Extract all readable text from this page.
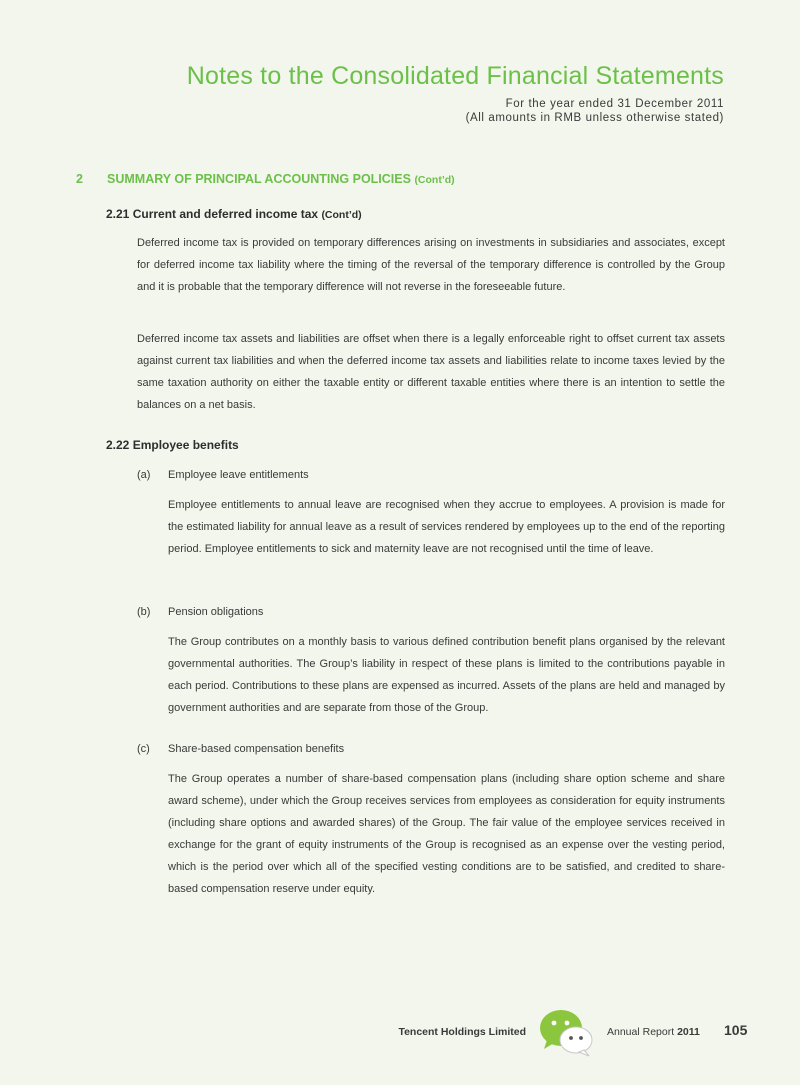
Notes to the Consolidated Financial Statements
For the year ended 31 December 2011
(All amounts in RMB unless otherwise stated)
2 SUMMARY OF PRINCIPAL ACCOUNTING POLICIES (Cont’d)
2.21 Current and deferred income tax (Cont’d)

Deferred income tax is provided on temporary differences arising on investments in subsidiaries and associates, except for deferred income tax liability where the timing of the reversal of the temporary difference is controlled by the Group and it is probable that the temporary difference will not reverse in the foreseeable future.

Deferred income tax assets and liabilities are offset when there is a legally enforceable right to offset current tax assets against current tax liabilities and when the deferred income tax assets and liabilities relate to income taxes levied by the same taxation authority on either the taxable entity or different taxable entities where there is an intention to settle the balances on a net basis.

2.22 Employee benefits
(a) Employee leave entitlements

Employee entitlements to annual leave are recognised when they accrue to employees. A provision is made for the estimated liability for annual leave as a result of services rendered by employees up to the end of the reporting period. Employee entitlements to sick and maternity leave are not recognised until the time of leave.

(b) Pension obligations

The Group contributes on a monthly basis to various defined contribution benefit plans organised by the relevant governmental authorities. The Group’s liability in respect of these plans is limited to the contributions payable in each period. Contributions to these plans are expensed as incurred. Assets of the plans are held and managed by government authorities and are separate from those of the Group.

(c) Share-based compensation benefits

The Group operates a number of share-based compensation plans (including share option scheme and share award scheme), under which the Group receives services from employees as consideration for equity instruments (including share options and awarded shares) of the Group. The fair value of the employee services received in exchange for the grant of equity instruments of the Group is recognised as an expense over the vesting period, which is the period over which all of the specified vesting conditions are to be satisfied, and credited to share-based compensation reserve under equity.

Tencent Holdings Limited	Annual Report 2011 105
